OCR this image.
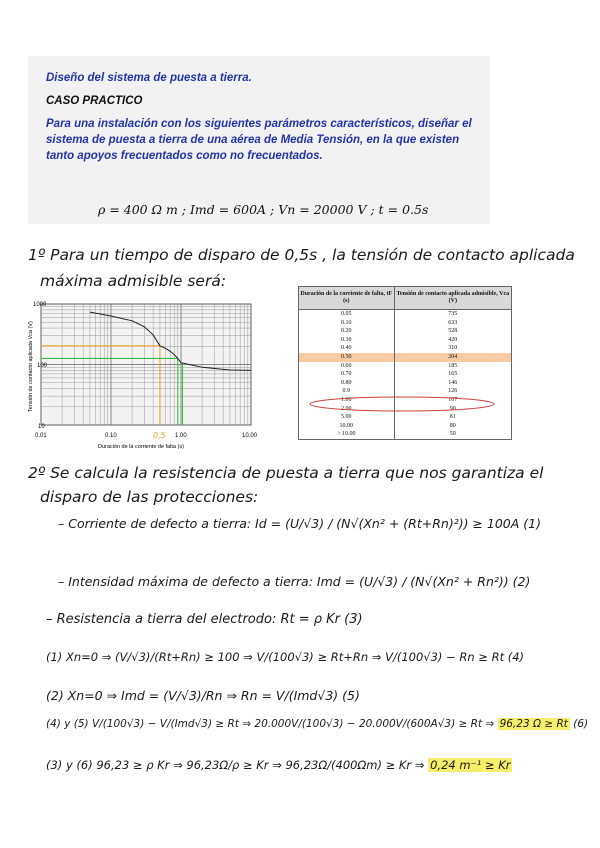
Diseño del sistema de puesta a tierra.
CASO PRACTICO
Para una instalación con los siguientes parámetros característicos, diseñar el sistema de puesta a tierra de una aérea de Media Tensión, en la que existen tanto apoyos frecuentados como no frecuentados.
ρ = 400 Ω m ; Imd = 600A ; Vn = 20000 V ; t = 0.5s
1º Para un tiempo de disparo de 0,5s , la tensión de contacto aplicada
máxima admisible será:
1000
100
10
0.01	0.10	1.00	10.00
0,5
Duración de la corriente de falta (s)
Tensión de contacto aplicada Vca (V)
Duración de la corriente de falta, tF (s)	Tensión de contacto aplicada admisible, Vca (V)
0.05	735
0.10	633
0.20	528
0.30	420
0.40	310
0.50	204
0.60	185
0.70	165
0.80	146
0.9	126
1.00	107
2.00	90
5.00	81
10.00	80
> 10.00	50
2º Se calcula la resistencia de puesta a tierra que nos garantiza el
disparo de las protecciones:
– Corriente de defecto a tierra: Id = (U/√3) / (N√(Xn² + (Rt+Rn)²)) ≥ 100A (1)
– Intensidad máxima de defecto a tierra: Imd = (U/√3) / (N√(Xn² + Rn²)) (2)
– Resistencia a tierra del electrodo: Rt = ρ Kr (3)
(1) Xn=0 ⇒ (V/√3)/(Rt+Rn) ≥ 100 ⇒ V/(100√3) ≥ Rt+Rn ⇒ V/(100√3) − Rn ≥ Rt (4)
(2) Xn=0 ⇒ Imd = (V/√3)/Rn ⇒ Rn = V/(Imd√3) (5)
(4) y (5) V/(100√3) − V/(Imd√3) ≥ Rt ⇒ 20.000V/(100√3) − 20.000V/(600A√3) ≥ Rt ⇒ 96,23 Ω ≥ Rt (6)
(3) y (6) 96,23 ≥ ρ Kr ⇒ 96,23Ω/ρ ≥ Kr ⇒ 96,23Ω/(400Ωm) ≥ Kr ⇒ 0,24 m⁻¹ ≥ Kr
